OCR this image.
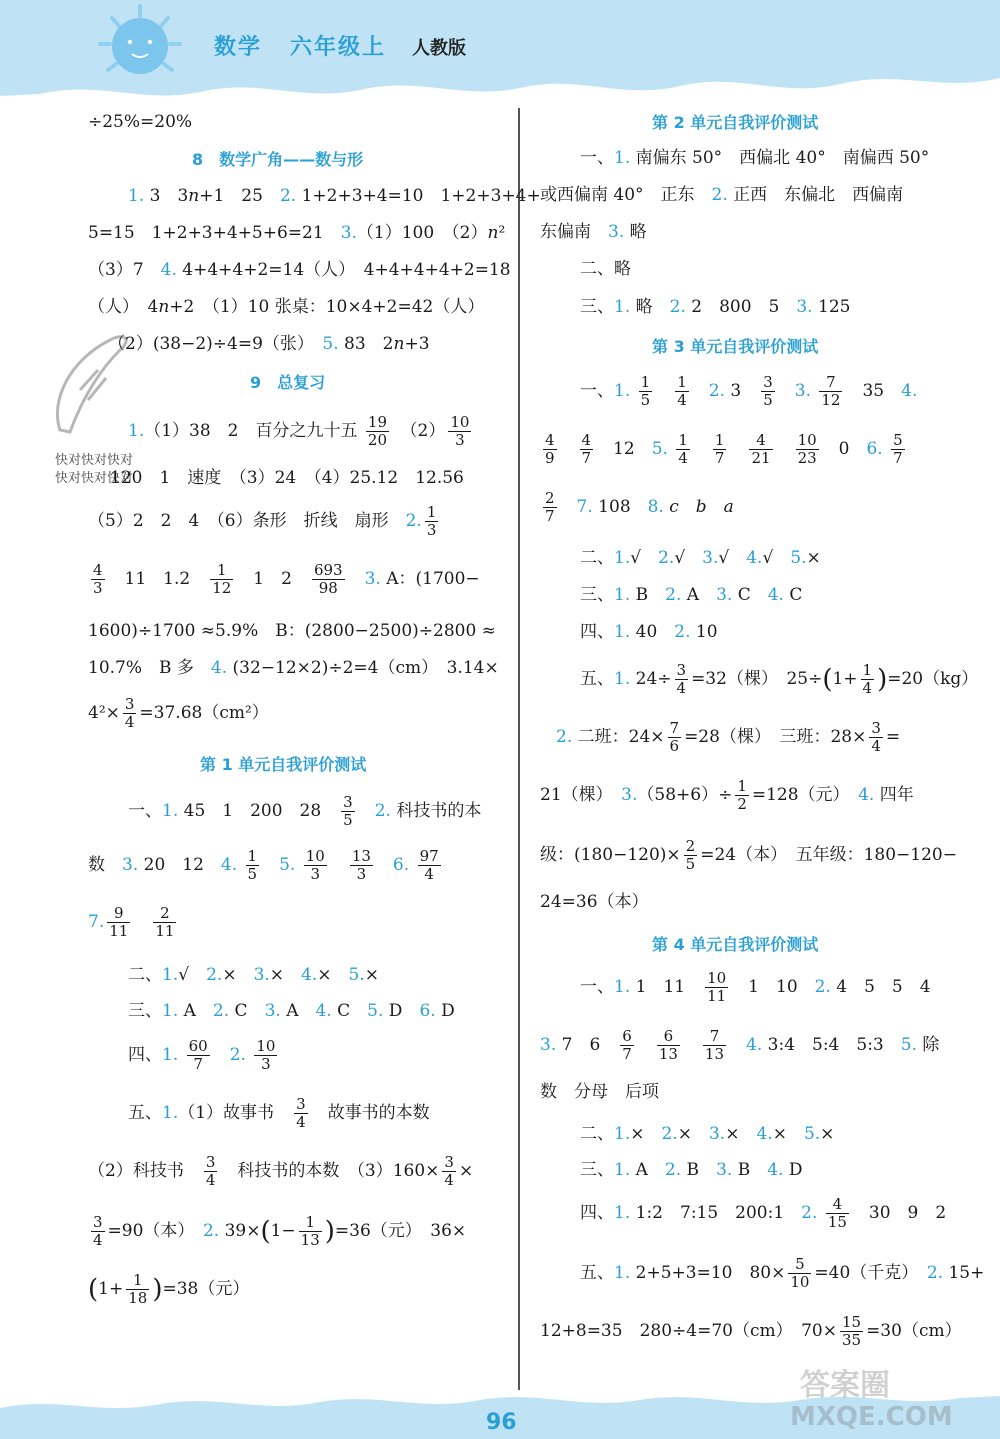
数学 六年级上 人教版
96
快对快对快对
快对快对快对
÷25%=20%
8　数学广角——数与形
1. 3　3n+1　25　2. 1+2+3+4=10　1+2+3+4+
5=15　1+2+3+4+5+6=21　3.（1）100　（2）n²
（3）7　4. 4+4+4+2=14（人）　4+4+4+4+2=18
（人）　4n+2　（1）10 张桌：10×4+2=42（人）
（2）(38−2)÷4=9（张）　5. 83　2n+3
9　总复习
1.（1）38　2　百分之九十五 $\frac{19}{20}$ 　$(2) \frac{10}{3}$
120　1　速度　（3）24　（4）25.12　12.56
（5）2　2　4　（6）条形　折线　扇形　2. $\frac{1}{3}$
$\frac{4}{3}$ 　11　1.2　 $\frac{1}{12}$ 　1　2　 $\frac{693}{98}$
　 3. A：(1700−
1600)÷1700 ≈5.9%　B：(2800−2500)÷2800 ≈
10.7%　B 多　4. (32−12×2)÷2=4（cm）　3.14×
$4^2\times \frac{3}{4} =37.68(cm^2)$
第 1 单元自我评价测试
一、1. 45　1　200　28　 $\frac{3}{5}$
　 2. 科技书的本
数　3. 20　12　4. $\frac{1}{5}$
　 5. $\frac{10}{3}$
　 $\frac{13}{3}$
　 6. $\frac{97}{4}$
7. $\frac{9}{11}$
　 $\frac{2}{11}$
二、1.√　2.×　3.×　4.×　5.×
三、1. A　2. C　3. A　4. C　5. D　6. D
四、1. $\frac{60}{7}$
　 2. $\frac{10}{3}$
五、1.（1）故事书　 $\frac{3}{4}$ 　故事书的本数
（2）科技书　 $\frac{3}{4}$ 　科技书的本数　$(3)160\times \frac{3}{4}$ ×
$\frac{3}{4} =90$（本）　2. $39\times(1- \frac{1}{13} )=36$（元）　36×
$(1+ \frac{1}{18} )=38$（元）
第 2 单元自我评价测试
一、1. 南偏东 50°　西偏北 40°　南偏西 50°
或西偏南 40°　正东　2. 正西　东偏北　西偏南
东偏南　3. 略
二、略
三、1. 略　2. 2　800　5　3. 125
第 3 单元自我评价测试
一、1. $\frac{1}{5}$
　 $\frac{1}{4}$
　 2. 3　 $\frac{3}{5}$
　 3. $\frac{7}{12}$ 　35　4.
$\frac{4}{9}$
　 $\frac{4}{7}$ 　12　5. $\frac{1}{4}$
　 $\frac{1}{7}$
　 $\frac{4}{21}$
　 $\frac{10}{23}$ 　0　6. $\frac{5}{7}$
$\frac{2}{7}$
　 7. 108　8. c　b　a
二、1.√　2.√　3.√　4.√　5.×
三、1. B　2. A　3. C　4. C
四、1. 40　2. 10
五、1. $24\div \frac{3}{4} =32$（棵）　$25\div(1+ \frac{1}{4} )=20(kg)$
2. 二班：$24\times \frac{7}{6} =28$（棵）　三班：$28\times \frac{3}{4}$ =
21（棵）　$3.(58+6)\div \frac{1}{2} =128$（元）　4. 四年
级：$(180-120)\times \frac{2}{5} =24$（本）　五年级：180−120−
24=36（本）
第 4 单元自我评价测试
一、1. 1　11　 $\frac{10}{11}$ 　1　10　2. 4　5　5　4
3. 7　6　 $\frac{6}{7}$
　 $\frac{6}{13}$
　 $\frac{7}{13}$
　 4. 3:4　5:4　5:3　5. 除
数　分母　后项
二、1.×　2.×　3.×　4.×　5.×
三、1. A　2. B　3. B　4. D
四、1. 1:2　7:15　200:1　2. $\frac{4}{15}$ 　30　9　2
五、1. 2+5+3=10　$80\times \frac{5}{10} =40$（千克）　2. 15+
12+8=35　280÷4=70（cm）　$70\times \frac{15}{35} =30(cm)$
答案圈
MXQE.COM
